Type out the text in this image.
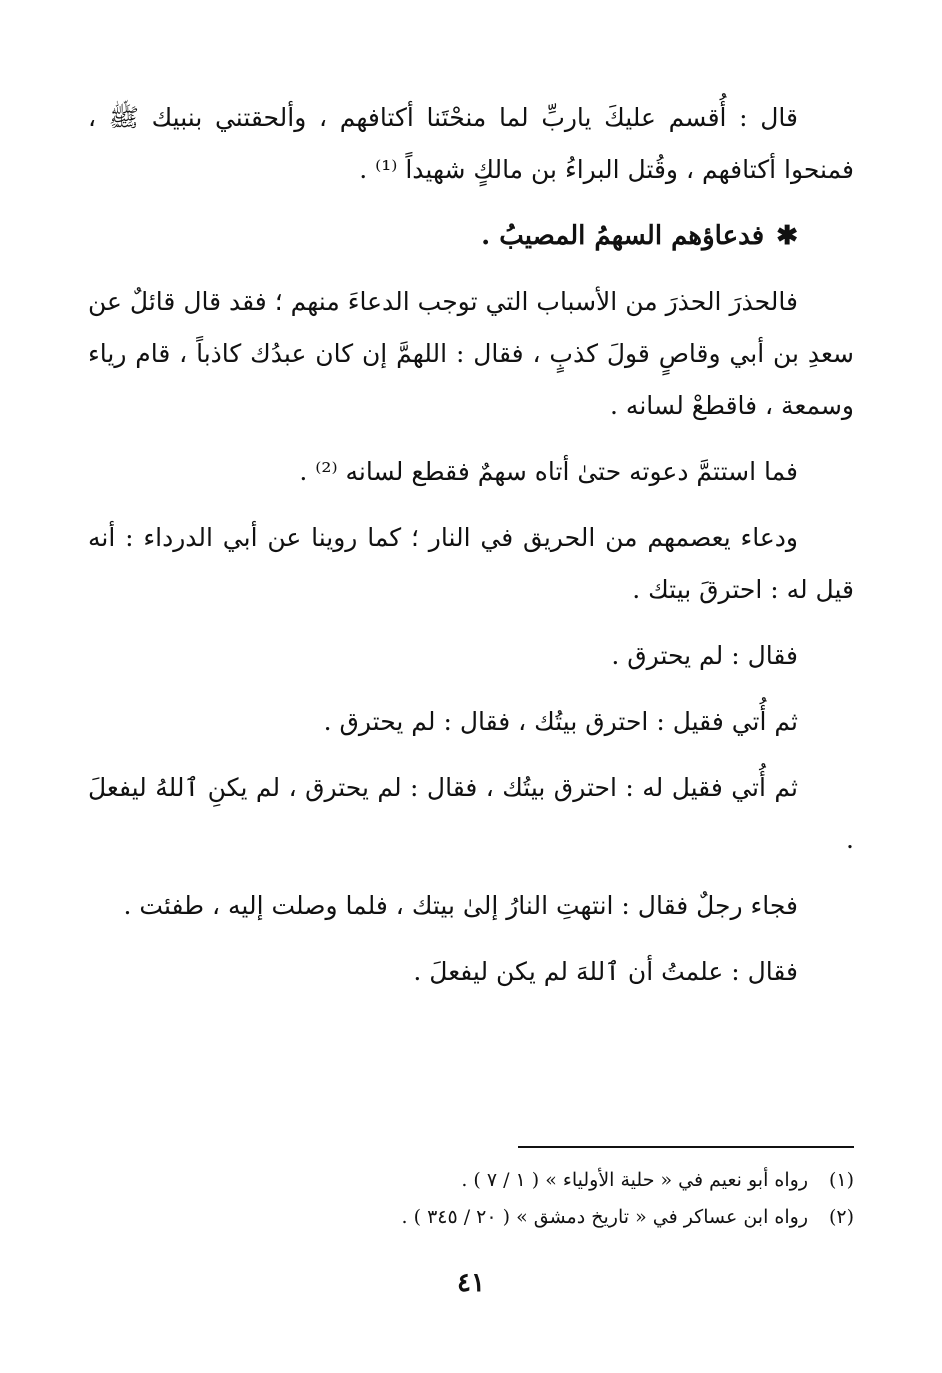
قال : أُقسم عليكَ ياربِّ لما منحْتَنا أكتافهم ، وألحقتني بنبيك ﷺ ، فمنحوا أكتافهم ، وقُتل البراءُ بن مالكٍ شهيداً ⁽¹⁾ .

✱فدعاؤهم السهمُ المصيبُ .

فالحذرَ الحذرَ من الأسباب التي توجب الدعاءَ منهم ؛ فقد قال قائلٌ عن سعدِ بن أبي وقاصٍ قولَ كذبٍ ، فقال : اللهمَّ إن كان عبدُك كاذباً ، قام رياء وسمعة ، فاقطعْ لسانه .

فما استتمَّ دعوته حتىٰ أتاه سهمٌ فقطع لسانه ⁽²⁾ .

ودعاء يعصمهم من الحريق في النار ؛ كما روينا عن أبي الدرداء : أنه قيل له : احترقَ بيتك .

فقال : لم يحترق .

ثم أُتي فقيل : احترق بيتُك ، فقال : لم يحترق .

ثم أُتي فقيل له : احترق بيتُك ، فقال : لم يحترق ، لم يكنِ ٱللهُ ليفعلَ .

فجاء رجلٌ فقال : انتهتِ النارُ إلىٰ بيتك ، فلما وصلت إليه ، طفئت .

فقال : علمتُ أن ٱللهَ لم يكن ليفعلَ .

(١)
رواه أبو نعيم في « حلية الأولياء » ( ١ / ٧ ) .
(٢)
رواه ابن عساكر في « تاريخ دمشق » ( ٢٠ / ٣٤٥ ) .
٤١
